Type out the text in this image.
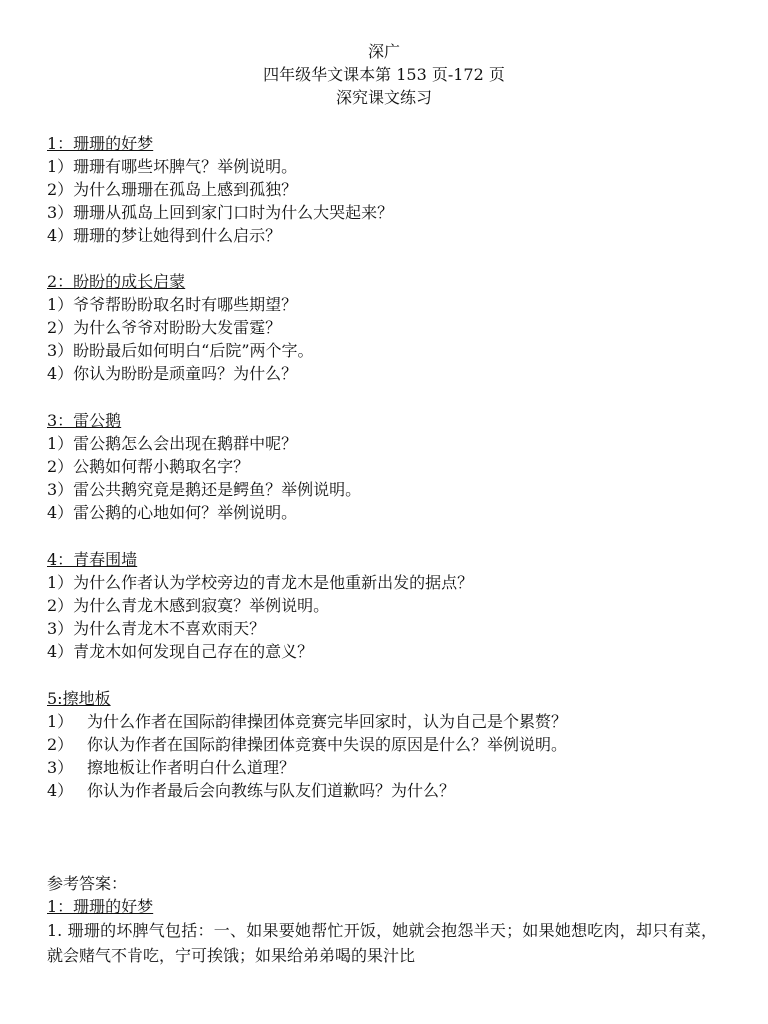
深广
四年级华文课本第 153 页-172 页
深究课文练习
1：珊珊的好梦
1）珊珊有哪些坏脾气？举例说明。
2）为什么珊珊在孤岛上感到孤独？
3）珊珊从孤岛上回到家门口时为什么大哭起来？
4）珊珊的梦让她得到什么启示？
2：盼盼的成长启蒙
1）爷爷帮盼盼取名时有哪些期望？
2）为什么爷爷对盼盼大发雷霆？
3）盼盼最后如何明白“后院”两个字。
4）你认为盼盼是顽童吗？为什么？
3：雷公鹅
1）雷公鹅怎么会出现在鹅群中呢？
2）公鹅如何帮小鹅取名字？
3）雷公共鹅究竟是鹅还是鳄鱼？举例说明。
4）雷公鹅的心地如何？举例说明。
4：青春围墙
1）为什么作者认为学校旁边的青龙木是他重新出发的据点？
2）为什么青龙木感到寂寞？举例说明。
3）为什么青龙木不喜欢雨天？
4）青龙木如何发现自己存在的意义？
5:擦地板
1） 为什么作者在国际韵律操团体竞赛完毕回家时，认为自己是个累赘？
2） 你认为作者在国际韵律操团体竞赛中失误的原因是什么？举例说明。
3） 擦地板让作者明白什么道理？
4） 你认为作者最后会向教练与队友们道歉吗？为什么？
参考答案：
1：珊珊的好梦
1. 珊珊的坏脾气包括：一、如果要她帮忙开饭，她就会抱怨半天；如果她想吃肉，却只有菜，就会赌气不肯吃，宁可挨饿；如果给弟弟喝的果汁比
